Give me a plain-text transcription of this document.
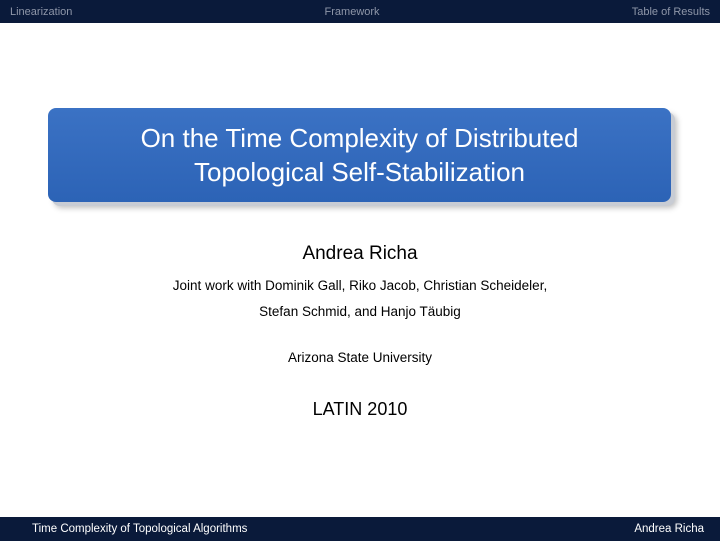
Linearization	Framework	Table of Results
On the Time Complexity of Distributed
Topological Self-Stabilization
Andrea Richa
Joint work with Dominik Gall, Riko Jacob, Christian Scheideler,
Stefan Schmid, and Hanjo Täubig
Arizona State University
LATIN 2010
Time Complexity of Topological Algorithms	Andrea Richa
